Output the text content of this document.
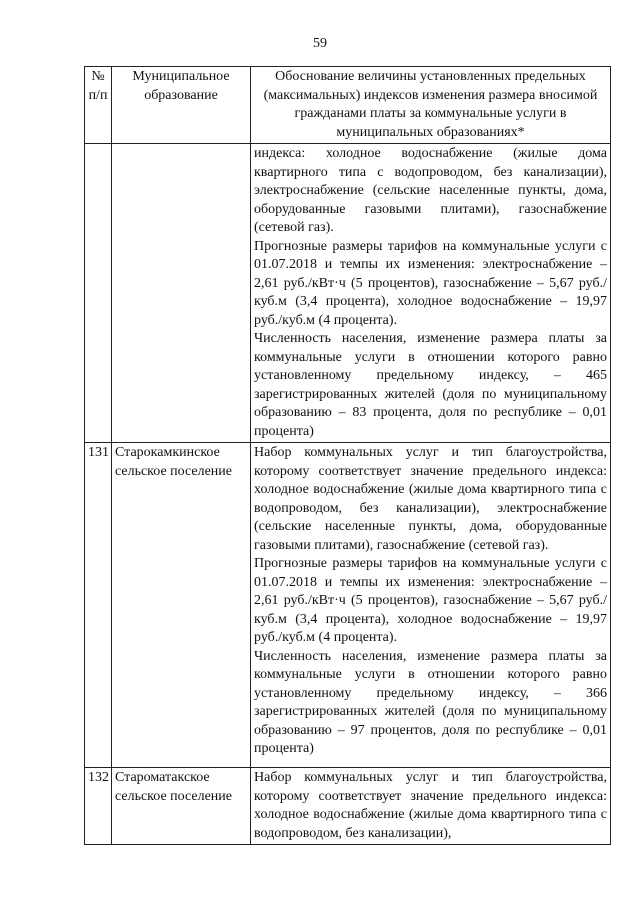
59
№ п/п	Муниципальное образование	Обоснование величины установленных предельных (максимальных) индексов изменения размера вносимой гражданами платы за коммунальные услуги в муниципальных образованиях*

		индекса: холодное водоснабжение (жилые дома квартирного типа с водопроводом, без канализации), электроснабжение (сельские населенные пункты, дома, оборудованные газовыми плитами), газоснабжение (сетевой газ).

Прогнозные размеры тарифов на коммунальные услуги с 01.07.2018 и темпы их изменения: электроснабжение – 2,61 руб./кВт·ч (5 процентов), газоснабжение – 5,67 руб./куб.м (3,4 процента), холодное водоснабжение – 19,97 руб./куб.м (4 процента).

Численность населения, изменение размера платы за коммунальные услуги в отношении которого равно установленному предельному индексу, – 465 зарегистрированных жителей (доля по муниципальному образованию – 83 процента, доля по республике – 0,01 процента)

131	Старокамкинское сельское поселение	Набор коммунальных услуг и тип благоустройства, которому соответствует значение предельного индекса: холодное водоснабжение (жилые дома квартирного типа с водопроводом, без канализации), электроснабжение (сельские населенные пункты, дома, оборудованные газовыми плитами), газоснабжение (сетевой газ).

Прогнозные размеры тарифов на коммунальные услуги с 01.07.2018 и темпы их изменения: электроснабжение – 2,61 руб./кВт·ч (5 процентов), газоснабжение – 5,67 руб./куб.м (3,4 процента), холодное водоснабжение – 19,97 руб./куб.м (4 процента).

Численность населения, изменение размера платы за коммунальные услуги в отношении которого равно установленному предельному индексу, – 366 зарегистрированных жителей (доля по муниципальному образованию – 97 процентов, доля по республике – 0,01 процента)

132	Староматакское сельское поселение	Набор коммунальных услуг и тип благоустройства, которому соответствует значение предельного индекса: холодное водоснабжение (жилые дома квартирного типа с водопроводом, без канализации),
